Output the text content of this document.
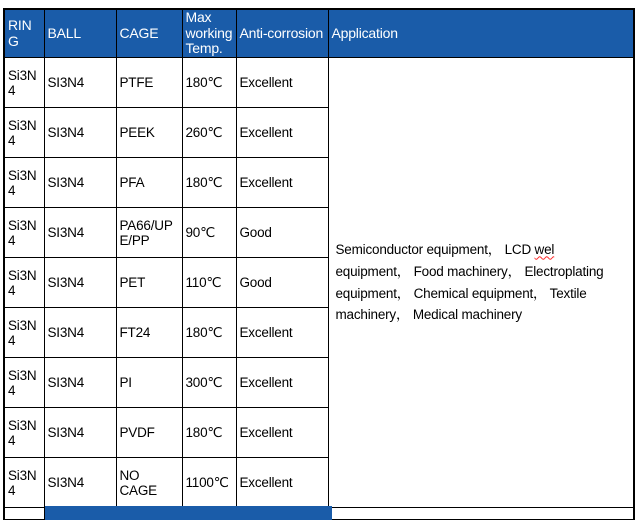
RING	BALL	CAGE	Max working Temp.	Anti-corrosion	Application
Si3N4	SI3N4	PTFE	180℃	Excellent	Semiconductor equipment， LCD wel equipment， Food machinery， Electroplating equipment， Chemical equipment， Textile machinery， Medical machinery
Si3N4	SI3N4	PEEK	260℃	Excellent	
Si3N4	SI3N4	PFA	180℃	Excellent	
Si3N4	SI3N4	PA66/UPE/PP	90℃	Good	
Si3N4	SI3N4	PET	110℃	Good	
Si3N4	SI3N4	FT24	180℃	Excellent	
Si3N4	SI3N4	PI	300℃	Excellent	
Si3N4	SI3N4	PVDF	180℃	Excellent	
Si3N4	SI3N4	NO CAGE	1100℃	Excellent	
